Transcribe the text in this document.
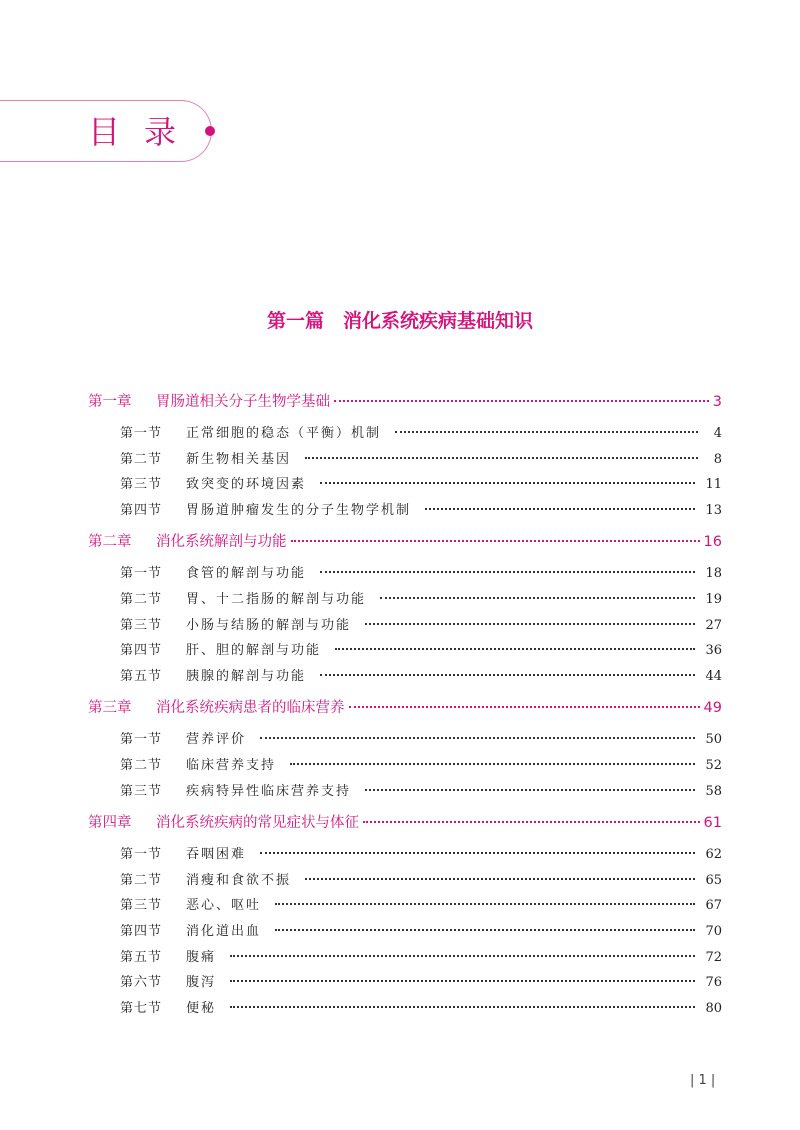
目录
第一篇　消化系统疾病基础知识
第一章	胃肠道相关分子生物学基础	3
第一节	正常细胞的稳态（平衡）机制	4
第二节	新生物相关基因	8
第三节	致突变的环境因素	11
第四节	胃肠道肿瘤发生的分子生物学机制	13
第二章	消化系统解剖与功能	16
第一节	食管的解剖与功能	18
第二节	胃、十二指肠的解剖与功能	19
第三节	小肠与结肠的解剖与功能	27
第四节	肝、胆的解剖与功能	36
第五节	胰腺的解剖与功能	44
第三章	消化系统疾病患者的临床营养	49
第一节	营养评价	50
第二节	临床营养支持	52
第三节	疾病特异性临床营养支持	58
第四章	消化系统疾病的常见症状与体征	61
第一节	吞咽困难	62
第二节	消瘦和食欲不振	65
第三节	恶心、呕吐	67
第四节	消化道出血	70
第五节	腹痛	72
第六节	腹泻	76
第七节	便秘	80
| 1 |
